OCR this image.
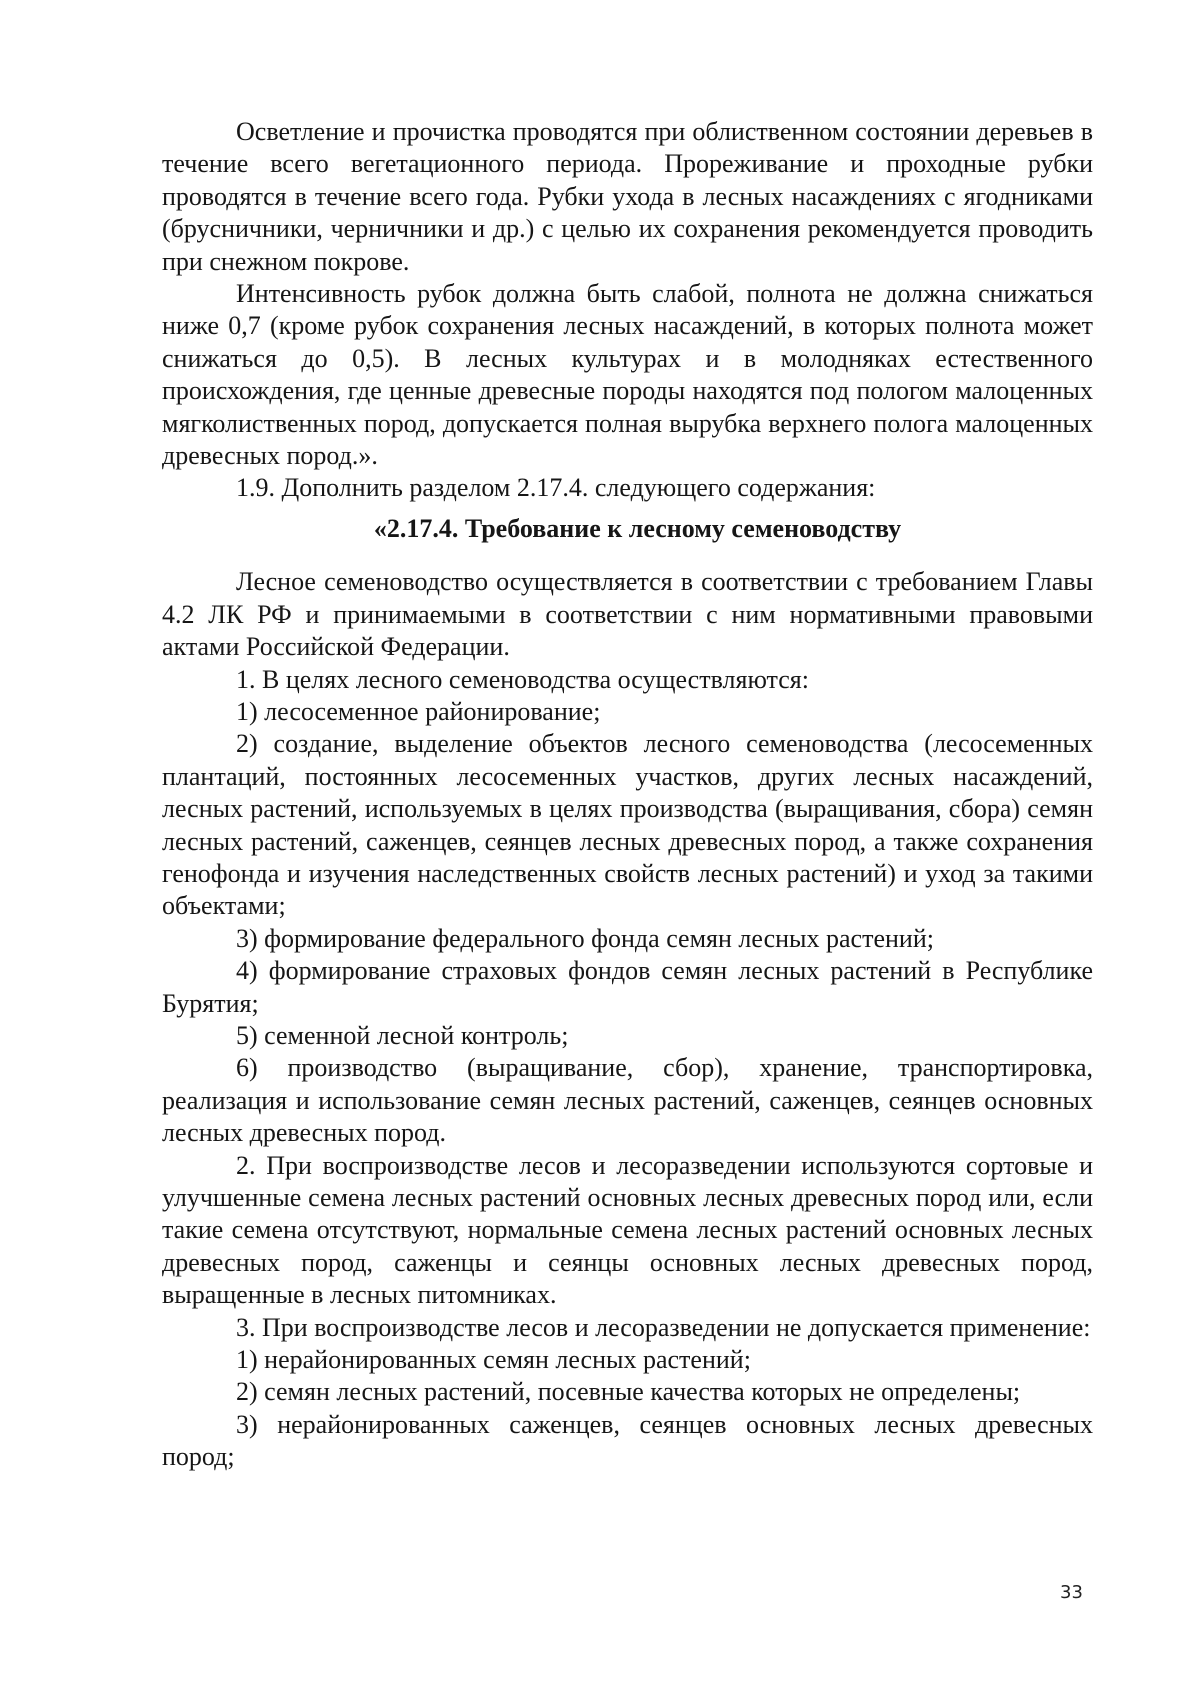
Осветление и прочистка проводятся при облиственном состоянии деревьев в течение всего вегетационного периода. Прореживание и проходные рубки проводятся в течение всего года. Рубки ухода в лесных насаждениях с ягодниками (брусничники, черничники и др.) с целью их сохранения рекомендуется проводить при снежном покрове.

Интенсивность рубок должна быть слабой, полнота не должна снижаться ниже 0,7 (кроме рубок сохранения лесных насаждений, в которых полнота может снижаться до 0,5). В лесных культурах и в молодняках естественного происхождения, где ценные древесные породы находятся под пологом малоценных мягколиственных пород, допускается полная вырубка верхнего полога малоценных древесных пород.».

1.9. Дополнить разделом 2.17.4. следующего содержания:

«2.17.4. Требование к лесному семеноводству

Лесное семеноводство осуществляется в соответствии с требованием Главы 4.2 ЛК РФ и принимаемыми в соответствии с ним нормативными правовыми актами Российской Федерации.

1. В целях лесного семеноводства осуществляются:

1) лесосеменное районирование;

2) создание, выделение объектов лесного семеноводства (лесосеменных плантаций, постоянных лесосеменных участков, других лесных насаждений, лесных растений, используемых в целях производства (выращивания, сбора) семян лесных растений, саженцев, сеянцев лесных древесных пород, а также сохранения генофонда и изучения наследственных свойств лесных растений) и уход за такими объектами;

3) формирование федерального фонда семян лесных растений;

4) формирование страховых фондов семян лесных растений в Республике Бурятия;

5) семенной лесной контроль;

6) производство (выращивание, сбор), хранение, транспортировка, реализация и использование семян лесных растений, саженцев, сеянцев основных лесных древесных пород.

2. При воспроизводстве лесов и лесоразведении используются сортовые и улучшенные семена лесных растений основных лесных древесных пород или, если такие семена отсутствуют, нормальные семена лесных растений основных лесных древесных пород, саженцы и сеянцы основных лесных древесных пород, выращенные в лесных питомниках.

3. При воспроизводстве лесов и лесоразведении не допускается применение:

1) нерайонированных семян лесных растений;

2) семян лесных растений, посевные качества которых не определены;

3) нерайонированных саженцев, сеянцев основных лесных древесных пород;

33
